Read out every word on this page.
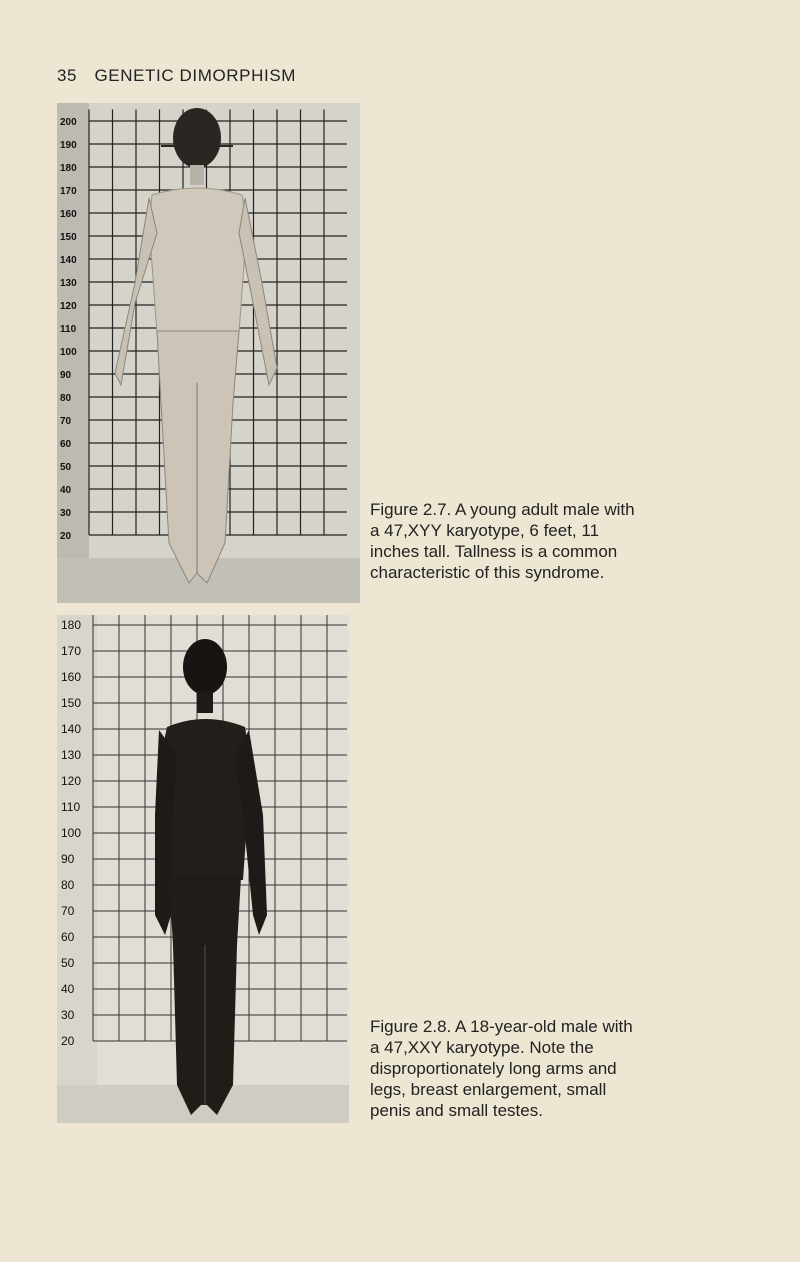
35 GENETIC DIMORPHISM
200
190
180
170
160
150
140
130
120
110
100
90
80
70
60
50
40
30
20
Figure 2.7. A young adult male with a 47,XYY karyotype, 6 feet, 11 inches tall. Tallness is a common characteristic of this syndrome.
180
170
160
150
140
130
120
110
100
90
80
70
60
50
40
30
20
Figure 2.8. A 18-year-old male with a 47,XXY karyotype. Note the disproportionately long arms and legs, breast enlargement, small penis and small testes.
